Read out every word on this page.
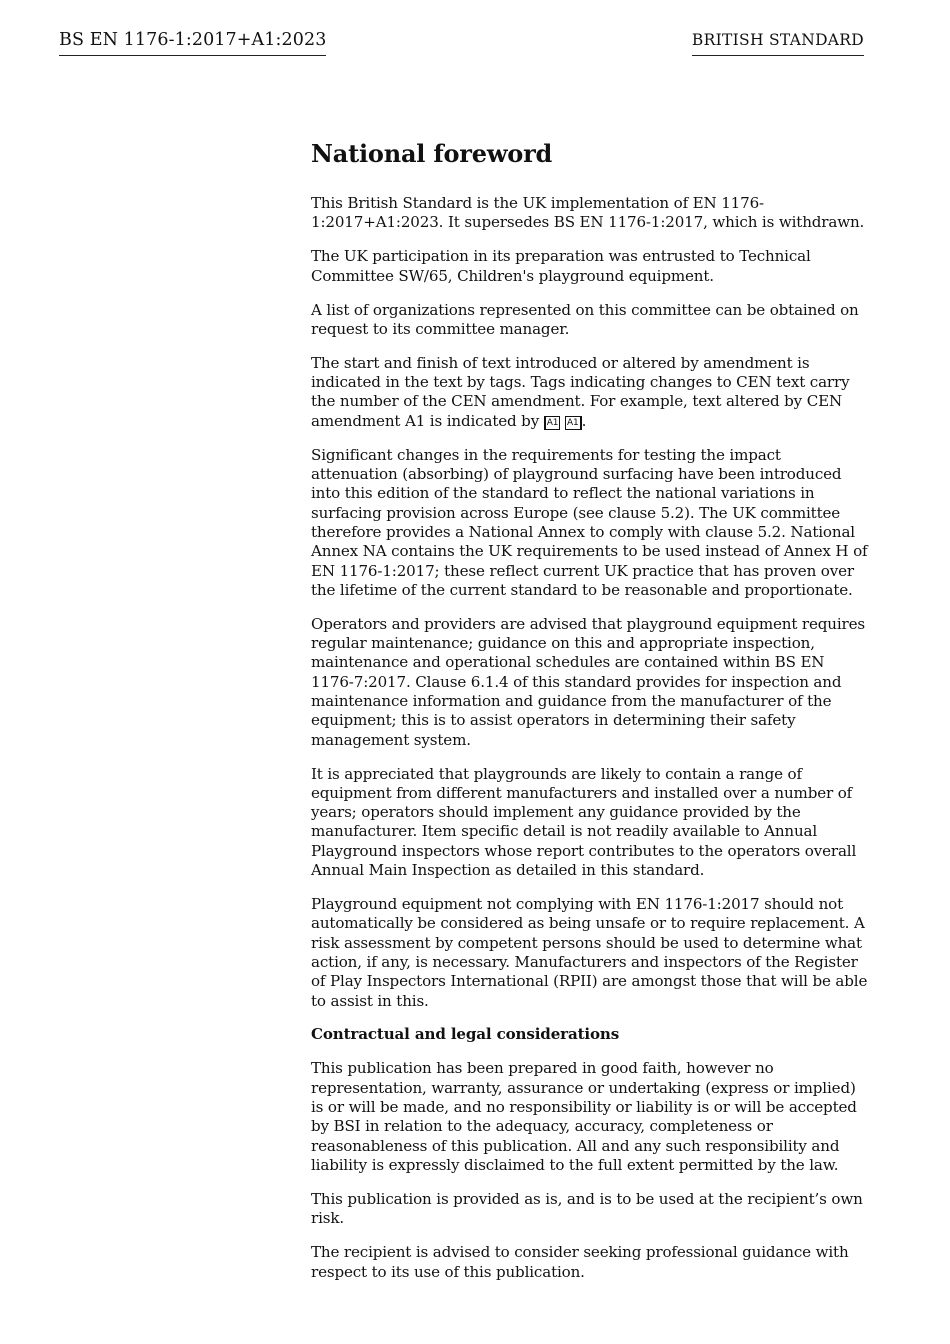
BS EN 1176-1:2017+A1:2023	BRITISH STANDARD
National foreword

This British Standard is the UK implementation of EN 1176-1:2017+A1:2023. It supersedes BS EN 1176-1:2017, which is withdrawn.

The UK participation in its preparation was entrusted to Technical Committee SW/65, Children's playground equipment.

A list of organizations represented on this committee can be obtained on request to its committee manager.

The start and finish of text introduced or altered by amendment is indicated in the text by tags. Tags indicating changes to CEN text carry the number of the CEN amendment. For example, text altered by CEN amendment A1 is indicated by A1 A1 .

Significant changes in the requirements for testing the impact attenuation (absorbing) of playground surfacing have been introduced into this edition of the standard to reflect the national variations in surfacing provision across Europe (see clause 5.2). The UK committee therefore provides a National Annex to comply with clause 5.2. National Annex NA contains the UK requirements to be used instead of Annex H of EN 1176-1:2017; these reflect current UK practice that has proven over the lifetime of the current standard to be reasonable and proportionate.

Operators and providers are advised that playground equipment requires regular maintenance; guidance on this and appropriate inspection, maintenance and operational schedules are contained within BS EN 1176-7:2017. Clause 6.1.4 of this standard provides for inspection and maintenance information and guidance from the manufacturer of the equipment; this is to assist operators in determining their safety management system.

It is appreciated that playgrounds are likely to contain a range of equipment from different manufacturers and installed over a number of years; operators should implement any guidance provided by the manufacturer. Item specific detail is not readily available to Annual Playground inspectors whose report contributes to the operators overall Annual Main Inspection as detailed in this standard.

Playground equipment not complying with EN 1176-1:2017 should not automatically be considered as being unsafe or to require replacement. A risk assessment by competent persons should be used to determine what action, if any, is necessary. Manufacturers and inspectors of the Register of Play Inspectors International (RPII) are amongst those that will be able to assist in this.

Contractual and legal considerations

This publication has been prepared in good faith, however no representation, warranty, assurance or undertaking (express or implied) is or will be made, and no responsibility or liability is or will be accepted by BSI in relation to the adequacy, accuracy, completeness or reasonableness of this publication. All and any such responsibility and liability is expressly disclaimed to the full extent permitted by the law.

This publication is provided as is, and is to be used at the recipient’s own risk.

The recipient is advised to consider seeking professional guidance with respect to its use of this publication.
